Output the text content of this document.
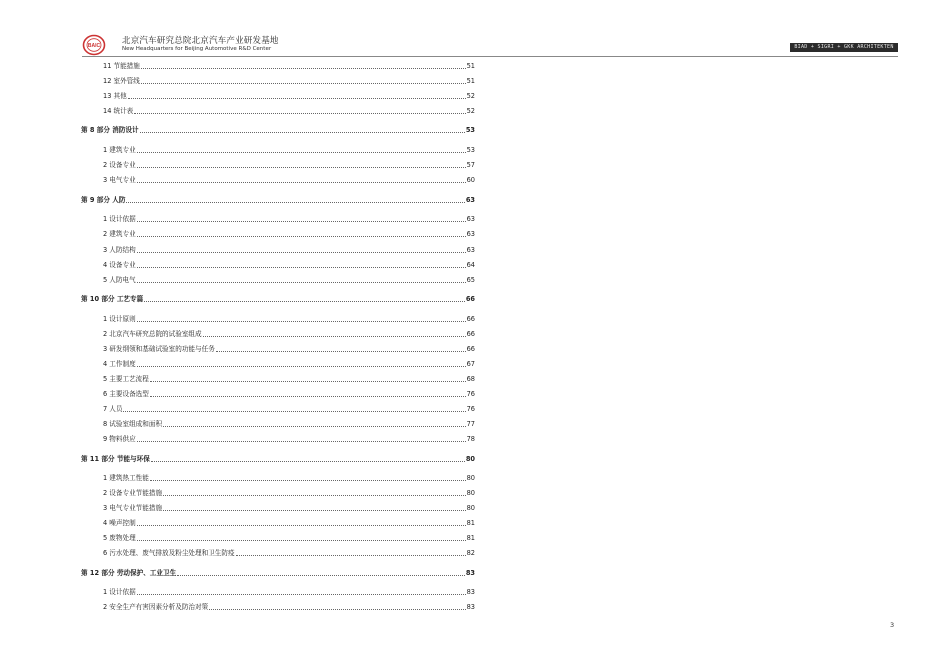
BAIC
北京汽车研究总院北京汽车产业研发基地
New Headquarters for Beijing Automotive R&D Center	BIAD + SIGRI + GKK ARCHITEKTEN
11 节能措施	51
12 室外管线	51
13 其他	52
14 统计表	52
第 8 部分 消防设计	53
1 建筑专业	53
2 设备专业	57
3 电气专业	60
第 9 部分 人防	63
1 设计依据	63
2 建筑专业	63
3 人防结构	63
4 设备专业	64
5 人防电气	65
第 10 部分 工艺专篇	66
1 设计原则	66
2 北京汽车研究总院的试验室组成	66
3 研发纲领和基础试验室的功能与任务	66
4 工作制度	67
5 主要工艺流程	68
6 主要设备选型	76
7 人员	76
8 试验室组成和面积	77
9 物料供应	78
第 11 部分 节能与环保	80
1 建筑热工性能	80
2 设备专业节能措施	80
3 电气专业节能措施	80
4 噪声控制	81
5 废物处理	81
6 污水处理、废气排放及粉尘处理和卫生防疫	82
第 12 部分 劳动保护、工业卫生	83
1 设计依据	83
2 安全生产有害因素分析及防治对策	83
3
